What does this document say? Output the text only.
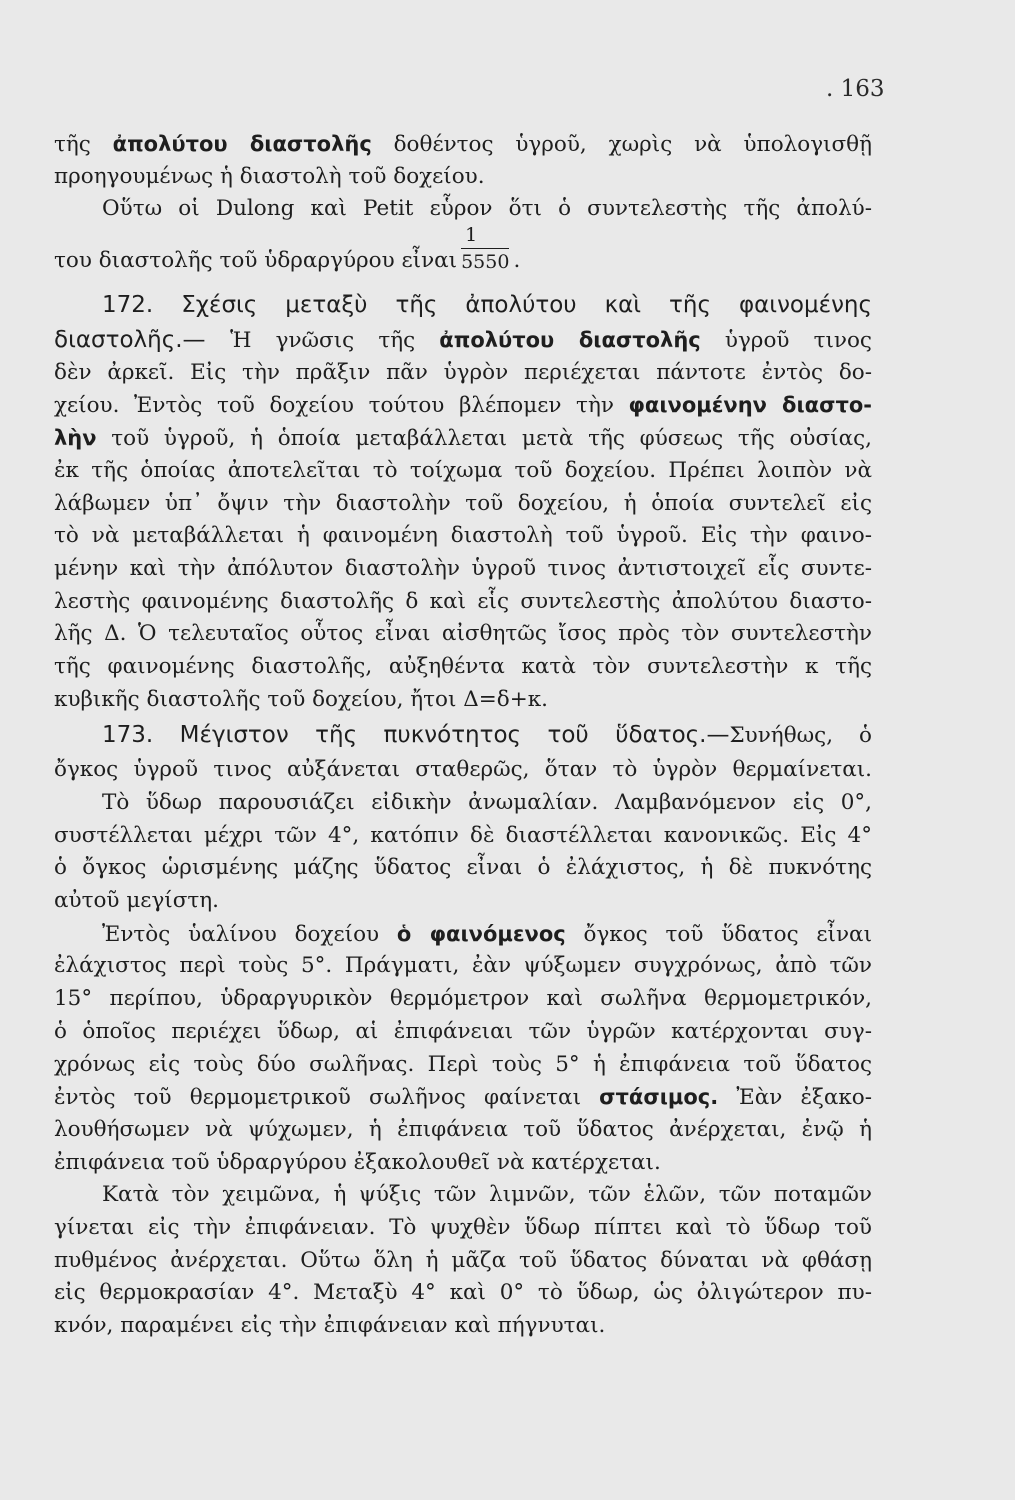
. 163
τῆς ἀπολύτου διαστολῆς δοθέντος ὑγροῦ, χωρὶς νὰ ὑπολογισθῇ
προηγουμένως ἡ διαστολὴ τοῦ δοχείου.
Οὕτω οἱ Dulong καὶ Petit εὗρον ὅτι ὁ συντελεστὴς τῆς ἀπολύ-
του διαστολῆς τοῦ ὑδραργύρου εἶναι $\frac{1}{5550}$ .
172. Σχέσις μεταξὺ τῆς ἀπολύτου καὶ τῆς φαινομένης
διαστολῆς.— Ἡ γνῶσις τῆς ἀπολύτου διαστολῆς ὑγροῦ τινος
δὲν ἀρκεῖ. Εἰς τὴν πρᾶξιν πᾶν ὑγρὸν περιέχεται πάντοτε ἐντὸς δο-
χείου. Ἐντὸς τοῦ δοχείου τούτου βλέπομεν τὴν φαινομένην διαστο-
λὴν τοῦ ὑγροῦ, ἡ ὁποία μεταβάλλεται μετὰ τῆς φύσεως τῆς οὐσίας,
ἐκ τῆς ὁποίας ἀποτελεῖται τὸ τοίχωμα τοῦ δοχείου. Πρέπει λοιπὸν νὰ
λάβωμεν ὑπ᾽ ὄψιν τὴν διαστολὴν τοῦ δοχείου, ἡ ὁποία συντελεῖ εἰς
τὸ νὰ μεταβάλλεται ἡ φαινομένη διαστολὴ τοῦ ὑγροῦ. Εἰς τὴν φαινο-
μένην καὶ τὴν ἀπόλυτον διαστολὴν ὑγροῦ τινος ἀντιστοιχεῖ εἷς συντε-
λεστὴς φαινομένης διαστολῆς δ καὶ εἷς συντελεστὴς ἀπολύτου διαστο-
λῆς Δ. Ὁ τελευταῖος οὗτος εἶναι αἰσθητῶς ἴσος πρὸς τὸν συντελεστὴν
τῆς φαινομένης διαστολῆς, αὐξηθέντα κατὰ τὸν συντελεστὴν κ τῆς
κυβικῆς διαστολῆς τοῦ δοχείου, ἤτοι Δ=δ+κ.
173. Μέγιστον τῆς πυκνότητος τοῦ ὕδατος.—Συνήθως, ὁ
ὄγκος ὑγροῦ τινος αὐξάνεται σταθερῶς, ὅταν τὸ ὑγρὸν θερμαίνεται.
Τὸ ὕδωρ παρουσιάζει εἰδικὴν ἀνωμαλίαν. Λαμβανόμενον εἰς 0°,
συστέλλεται μέχρι τῶν 4°, κατόπιν δὲ διαστέλλεται κανονικῶς. Εἰς 4°
ὁ ὄγκος ὡρισμένης μάζης ὕδατος εἶναι ὁ ἐλάχιστος, ἡ δὲ πυκνότης
αὐτοῦ μεγίστη.
Ἐντὸς ὑαλίνου δοχείου ὁ φαινόμενος ὄγκος τοῦ ὕδατος εἶναι
ἐλάχιστος περὶ τοὺς 5°. Πράγματι, ἐὰν ψύξωμεν συγχρόνως, ἀπὸ τῶν
15° περίπου, ὑδραργυρικὸν θερμόμετρον καὶ σωλῆνα θερμομετρικόν,
ὁ ὁποῖος περιέχει ὕδωρ, αἱ ἐπιφάνειαι τῶν ὑγρῶν κατέρχονται συγ-
χρόνως εἰς τοὺς δύο σωλῆνας. Περὶ τοὺς 5° ἡ ἐπιφάνεια τοῦ ὕδατος
ἐντὸς τοῦ θερμομετρικοῦ σωλῆνος φαίνεται στάσιμος. Ἐὰν ἐξακο-
λουθήσωμεν νὰ ψύχωμεν, ἡ ἐπιφάνεια τοῦ ὕδατος ἀνέρχεται, ἐνῷ ἡ
ἐπιφάνεια τοῦ ὑδραργύρου ἐξακολουθεῖ νὰ κατέρχεται.
Κατὰ τὸν χειμῶνα, ἡ ψύξις τῶν λιμνῶν, τῶν ἑλῶν, τῶν ποταμῶν
γίνεται εἰς τὴν ἐπιφάνειαν. Τὸ ψυχθὲν ὕδωρ πίπτει καὶ τὸ ὕδωρ τοῦ
πυθμένος ἀνέρχεται. Οὕτω ὅλη ἡ μᾶζα τοῦ ὕδατος δύναται νὰ φθάσῃ
εἰς θερμοκρασίαν 4°. Μεταξὺ 4° καὶ 0° τὸ ὕδωρ, ὡς ὀλιγώτερον πυ-
κνόν, παραμένει εἰς τὴν ἐπιφάνειαν καὶ πήγνυται.
